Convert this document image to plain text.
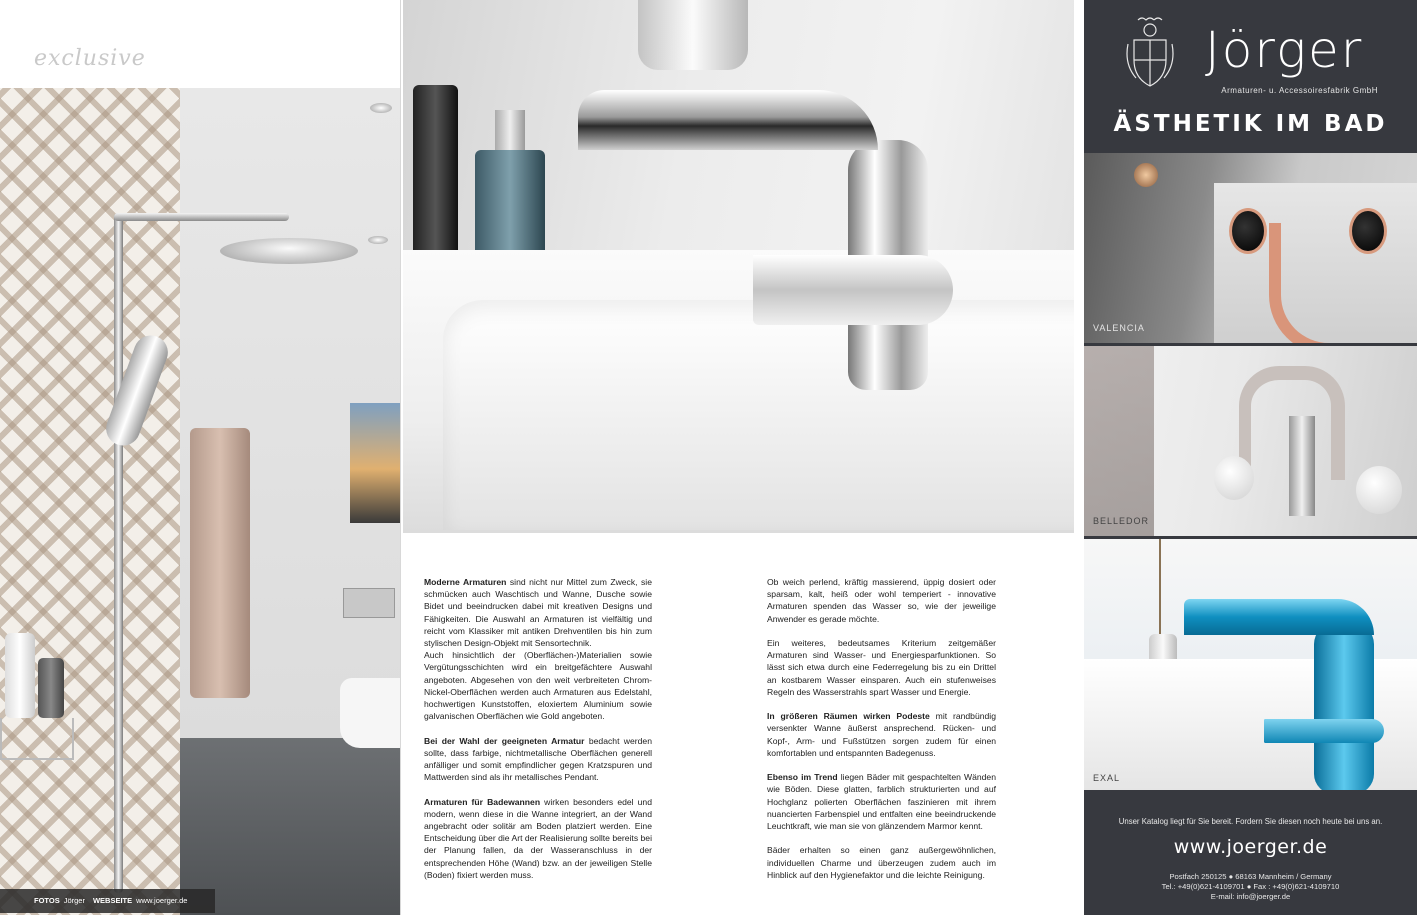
exclusive
FOTOS Jörger WEBSEITE www.joerger.de

Moderne Armaturen sind nicht nur Mittel zum Zweck, sie schmücken auch Waschtisch und Wanne, Dusche sowie Bidet und beeindrucken dabei mit kreativen Designs und Fähigkeiten. Die Auswahl an Armaturen ist vielfältig und reicht vom Klassiker mit antiken Drehventilen bis hin zum stylischen Design-Objekt mit Sensortechnik.
Auch hinsichtlich der (Oberflächen-)Materialien sowie Vergütungsschichten wird ein breitgefächtere Auswahl angeboten. Abgesehen von den weit verbreiteten Chrom-Nickel-Oberflächen werden auch Armaturen aus Edelstahl, hochwertigen Kunststoffen, eloxiertem Aluminium sowie galvanischen Oberflächen wie Gold angeboten.

Bei der Wahl der geeigneten Armatur bedacht werden sollte, dass farbige, nichtmetallische Oberflächen generell anfälliger und somit empfindlicher gegen Kratzspuren und Mattwerden sind als ihr metallisches Pendant.

Armaturen für Badewannen wirken besonders edel und modern, wenn diese in die Wanne integriert, an der Wand angebracht oder solitär am Boden platziert werden. Eine Entscheidung über die Art der Realisierung sollte bereits bei der Planung fallen, da der Wasseranschluss in der entsprechenden Höhe (Wand) bzw. an der jeweiligen Stelle (Boden) fixiert werden muss.

Ob weich perlend, kräftig massierend, üppig dosiert oder sparsam, kalt, heiß oder wohl temperiert - innovative Armaturen spenden das Wasser so, wie der jeweilige Anwender es gerade möchte.

Ein weiteres, bedeutsames Kriterium zeitgemäßer Armaturen sind Wasser- und Energiesparfunktionen. So lässt sich etwa durch eine Federregelung bis zu ein Drittel an kostbarem Wasser einsparen. Auch ein stufenweises Regeln des Wasserstrahls spart Wasser und Energie.

In größeren Räumen wirken Podeste mit randbündig versenkter Wanne äußerst ansprechend. Rücken- und Kopf-, Arm- und Fußstützen sorgen zudem für einen komfortablen und entspannten Badegenuss.

Ebenso im Trend liegen Bäder mit gespachtelten Wänden wie Böden. Diese glatten, farblich strukturierten und auf Hochglanz polierten Oberflächen faszinieren mit ihrem nuancierten Farbenspiel und entfalten eine beeindruckende Leuchtkraft, wie man sie von glänzendem Marmor kennt.

Bäder erhalten so einen ganz außergewöhnlichen, individuellen Charme und überzeugen zudem auch im Hinblick auf den Hygienefaktor und die leichte Reinigung.

Jörger
Armaturen- u. Accessoiresfabrik GmbH
ÄSTHETIK IM BAD
VALENCIA
BELLEDOR
EXAL
Unser Katalog liegt für Sie bereit. Fordern Sie diesen noch heute bei uns an.
www.joerger.de
Postfach 250125 ● 68163 Mannheim / Germany
Tel.: +49(0)621-4109701 ● Fax : +49(0)621-4109710
E-mail: info@joerger.de
